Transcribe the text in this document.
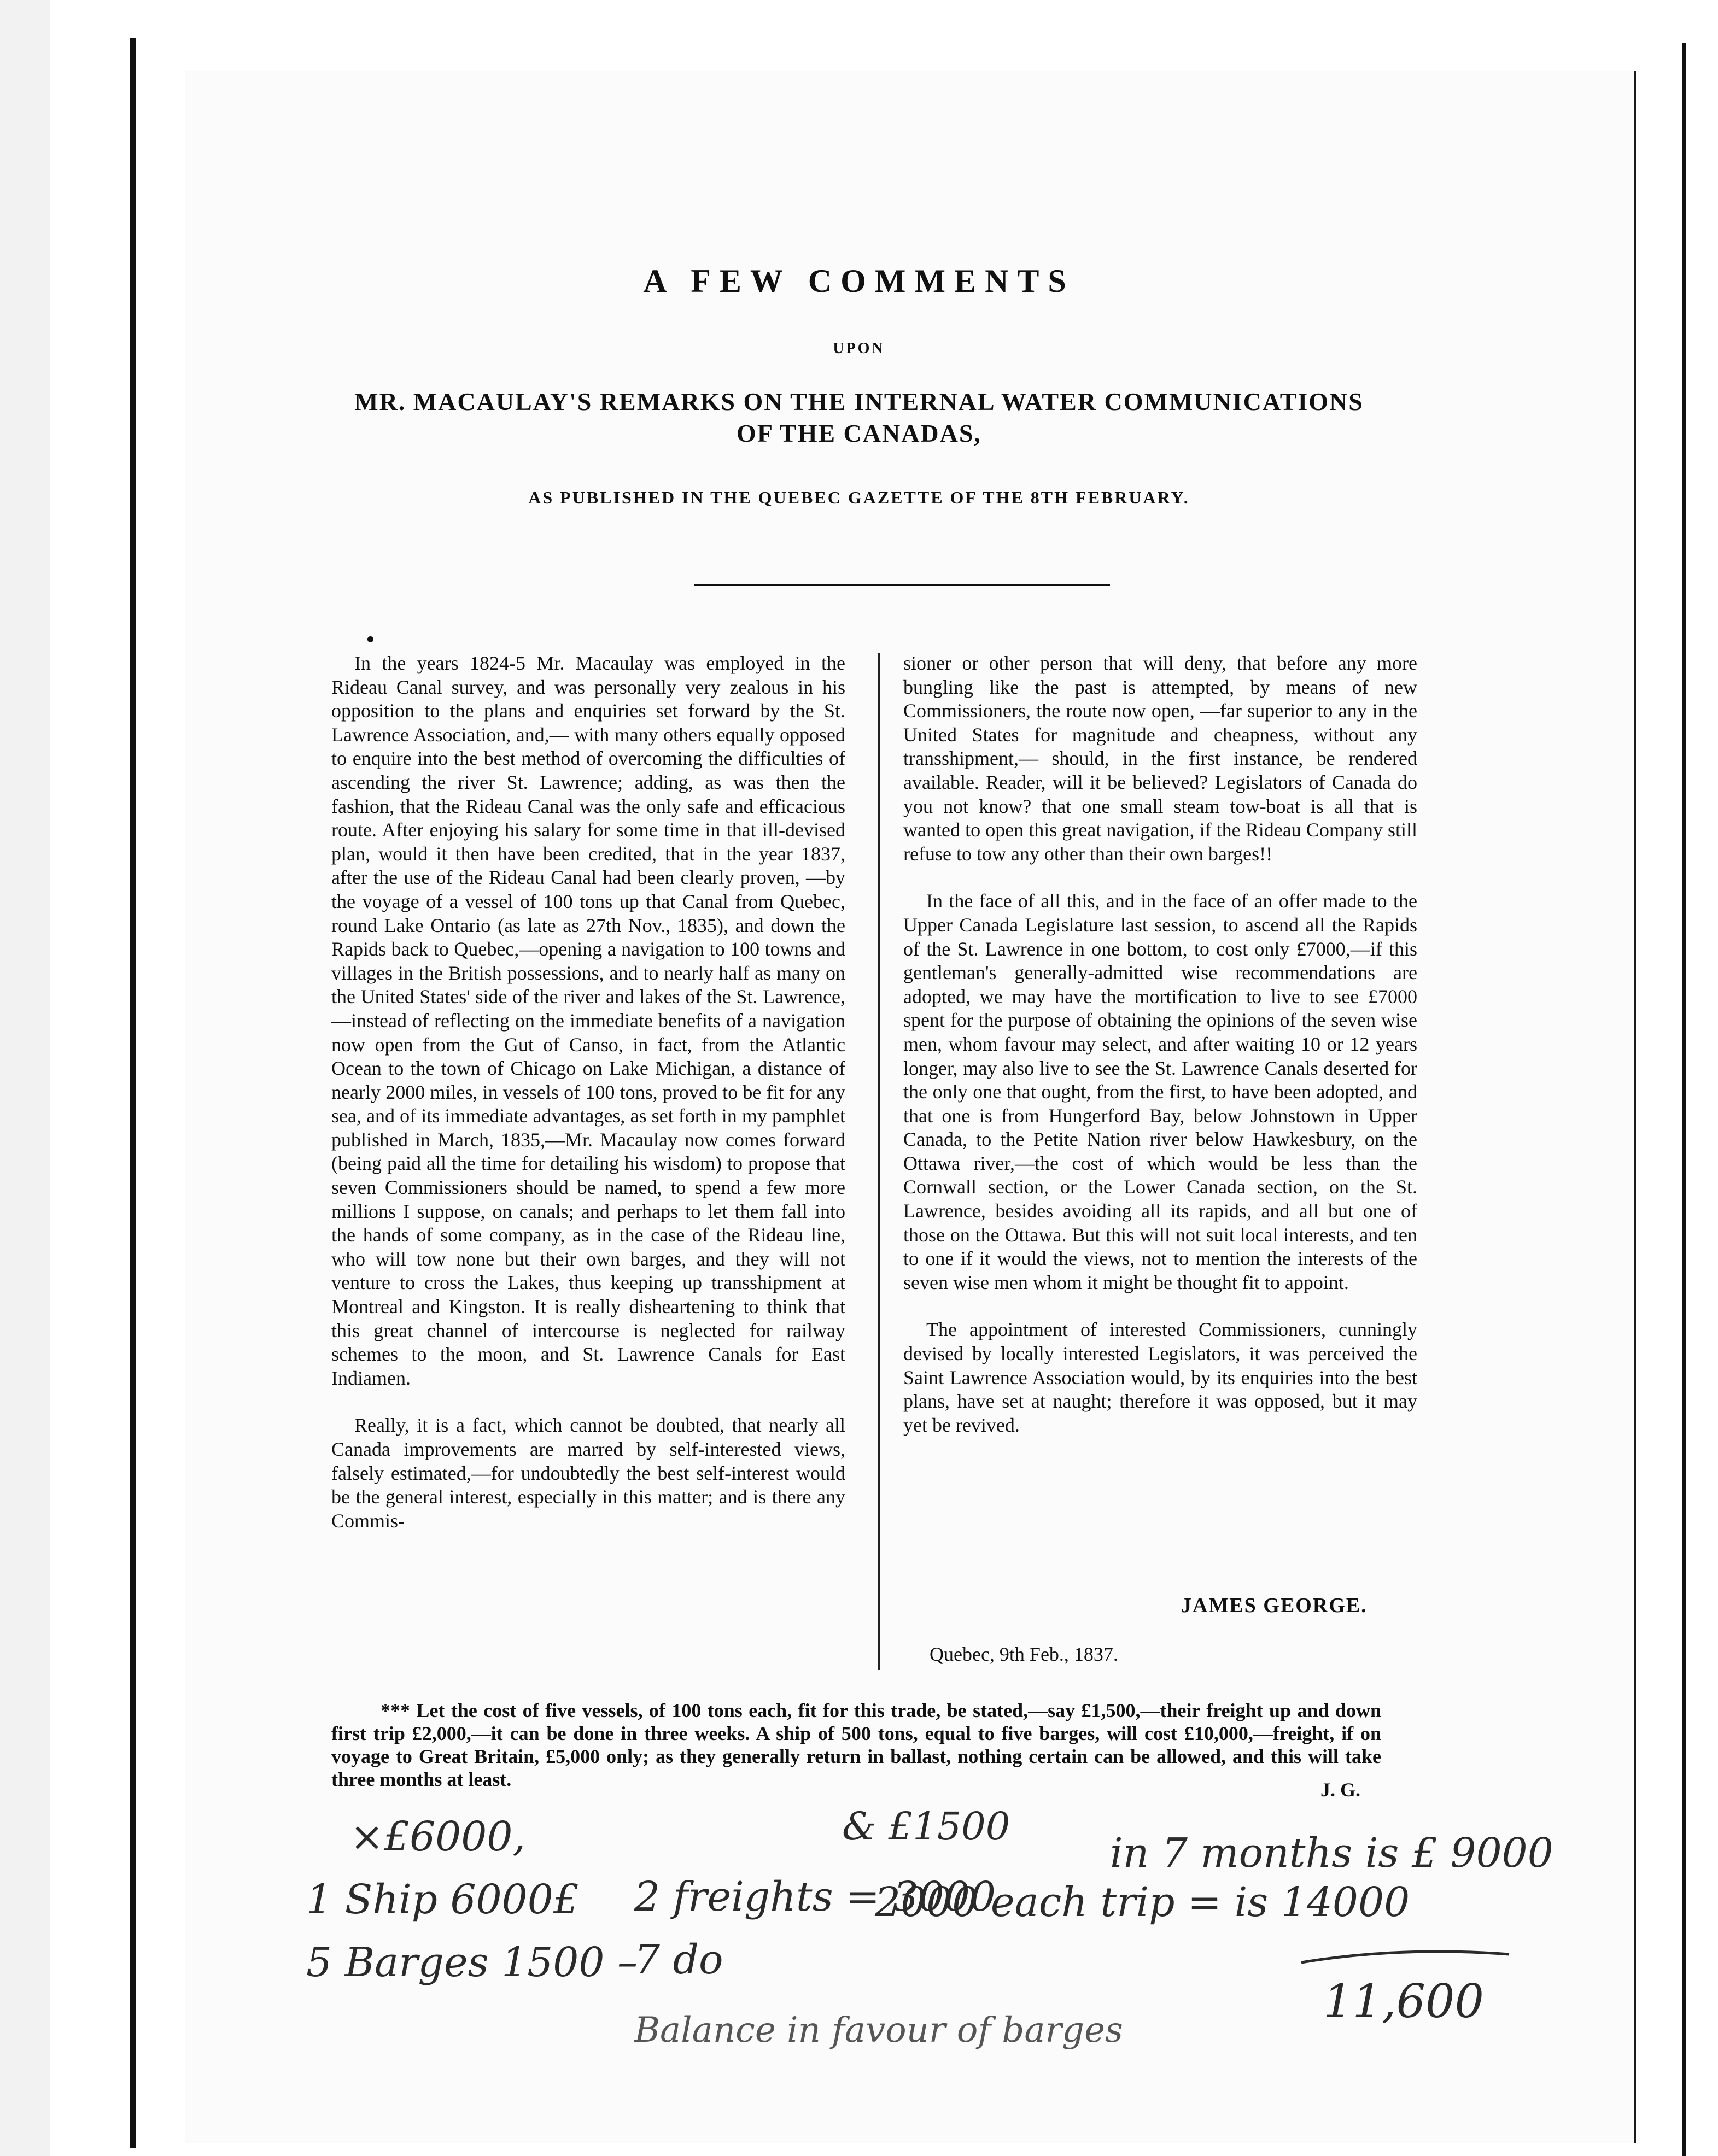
A FEW COMMENTS
UPON
MR. MACAULAY'S REMARKS ON THE INTERNAL WATER COMMUNICATIONS OF THE CANADAS,
AS PUBLISHED IN THE QUEBEC GAZETTE OF THE 8TH FEBRUARY.

In the years 1824-5 Mr. Macaulay was employed in the Rideau Canal survey, and was personally very zealous in his opposition to the plans and enquiries set forward by the St. Lawrence Association, and,— with many others equally opposed to enquire into the best method of overcoming the difficulties of ascending the river St. Lawrence; adding, as was then the fashion, that the Rideau Canal was the only safe and efficacious route. After enjoying his salary for some time in that ill-devised plan, would it then have been credited, that in the year 1837, after the use of the Rideau Canal had been clearly proven, —by the voyage of a vessel of 100 tons up that Canal from Quebec, round Lake Ontario (as late as 27th Nov., 1835), and down the Rapids back to Quebec,—opening a navigation to 100 towns and villages in the British possessions, and to nearly half as many on the United States' side of the river and lakes of the St. Lawrence,—instead of reflecting on the immediate benefits of a navigation now open from the Gut of Canso, in fact, from the Atlantic Ocean to the town of Chicago on Lake Michigan, a distance of nearly 2000 miles, in vessels of 100 tons, proved to be fit for any sea, and of its immediate advantages, as set forth in my pamphlet published in March, 1835,—Mr. Macaulay now comes forward (being paid all the time for detailing his wisdom) to propose that seven Commissioners should be named, to spend a few more millions I suppose, on canals; and perhaps to let them fall into the hands of some company, as in the case of the Rideau line, who will tow none but their own barges, and they will not venture to cross the Lakes, thus keeping up transshipment at Montreal and Kingston. It is really disheartening to think that this great channel of intercourse is neglected for railway schemes to the moon, and St. Lawrence Canals for East Indiamen.

Really, it is a fact, which cannot be doubted, that nearly all Canada improvements are marred by self-interested views, falsely estimated,—for undoubtedly the best self-interest would be the general interest, especially in this matter; and is there any Commis-

sioner or other person that will deny, that before any more bungling like the past is attempted, by means of new Commissioners, the route now open, —far superior to any in the United States for magnitude and cheapness, without any transshipment,— should, in the first instance, be rendered available. Reader, will it be believed? Legislators of Canada do you not know? that one small steam tow-boat is all that is wanted to open this great navigation, if the Rideau Company still refuse to tow any other than their own barges!!

In the face of all this, and in the face of an offer made to the Upper Canada Legislature last session, to ascend all the Rapids of the St. Lawrence in one bottom, to cost only £7000,—if this gentleman's generally-admitted wise recommendations are adopted, we may have the mortification to live to see £7000 spent for the purpose of obtaining the opinions of the seven wise men, whom favour may select, and after waiting 10 or 12 years longer, may also live to see the St. Lawrence Canals deserted for the only one that ought, from the first, to have been adopted, and that one is from Hungerford Bay, below Johnstown in Upper Canada, to the Petite Nation river below Hawkesbury, on the Ottawa river,—the cost of which would be less than the Cornwall section, or the Lower Canada section, on the St. Lawrence, besides avoiding all its rapids, and all but one of those on the Ottawa. But this will not suit local interests, and ten to one if it would the views, not to mention the interests of the seven wise men whom it might be thought fit to appoint.

The appointment of interested Commissioners, cunningly devised by locally interested Legislators, it was perceived the Saint Lawrence Association would, by its enquiries into the best plans, have set at naught; therefore it was opposed, but it may yet be revived.

JAMES GEORGE.
Quebec, 9th Feb., 1837.

*** Let the cost of five vessels, of 100 tons each, fit for this trade, be stated,—say £1,500,—their freight up and down first trip £2,000,—it can be done in three weeks. A ship of 500 tons, equal to five barges, will cost £10,000,—freight, if on voyage to Great Britain, £5,000 only; as they generally return in ballast, nothing certain can be allowed, and this will take three months at least.	J. G.
×£6000,	& £1500
1 Ship 6000£ 2 freights = 3000
in 7 months is £ 9000
5 Barges 1500 –
7 do
2000 each trip = is 14000
Balance in favour of barges
11,600
